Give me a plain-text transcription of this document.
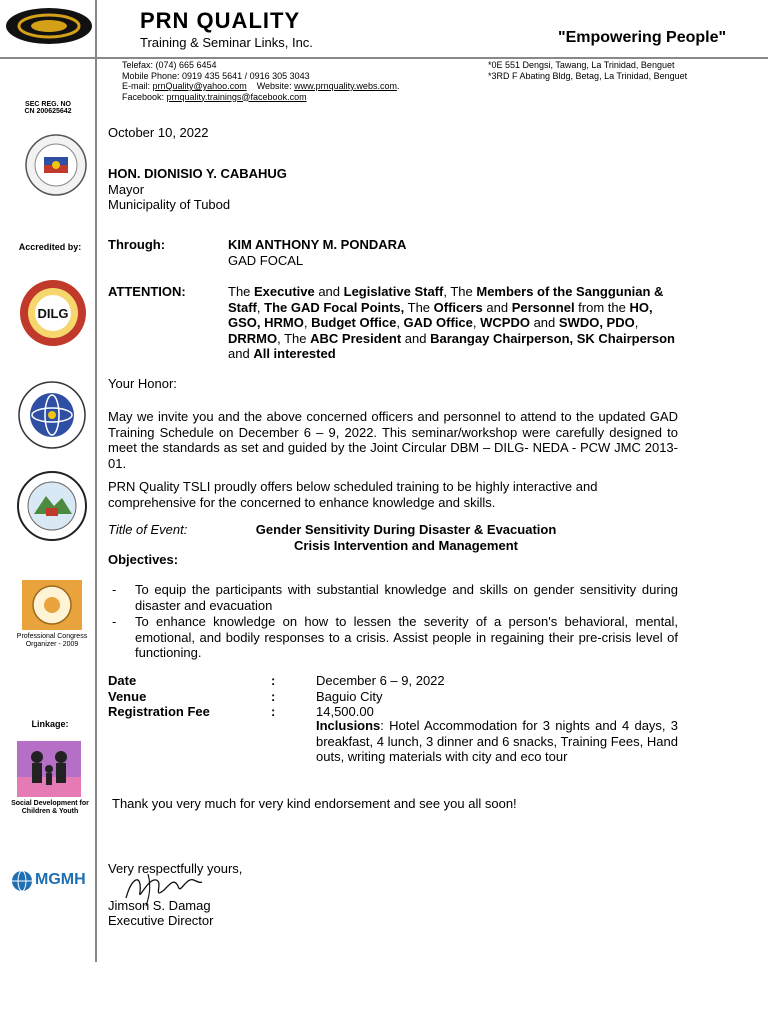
PRN QUALITY
Training & Seminar Links, Inc.	"Empowering People"
Telefax: (074) 665 6454
Mobile Phone: 0919 435 5641 / 0916 305 3043
E-mail: prnQuality@yahoo.com Website: www.prnquality.webs.com.
Facebook: prnquality.trainings@facebook.com
*0E 551 Dengsi, Tawang, La Trinidad, Benguet
*3RD F Abating Bldg, Betag, La Trinidad, Benguet
SEC REG. NO
CN 200625642
Accredited by:
DILG
Professional Congress Organizer - 2009
Linkage:
Social Development for Children & Youth
MGMH
October 10, 2022
HON. DIONISIO Y. CABAHUG
Mayor
Municipality of Tubod
Through:	KIM ANTHONY M. PONDARA
GAD FOCAL
ATTENTION:	The Executive and Legislative Staff, The Members of the Sanggunian & Staff, The GAD Focal Points, The Officers and Personnel from the HO, GSO, HRMO, Budget Office, GAD Office, WCPDO and SWDO, PDO, DRRMO, The ABC President and Barangay Chairperson, SK Chairperson and All interested
Your Honor:
May we invite you and the above concerned officers and personnel to attend to the updated GAD Training Schedule on December 6 – 9, 2022. This seminar/workshop were carefully designed to meet the standards as set and guided by the Joint Circular DBM – DILG- NEDA - PCW JMC 2013-01.
PRN Quality TSLI proudly offers below scheduled training to be highly interactive and comprehensive for the concerned to enhance knowledge and skills.
Title of Event:	Gender Sensitivity During Disaster & Evacuation
Crisis Intervention and Management
Objectives:
- To equip the participants with substantial knowledge and skills on gender sensitivity during disaster and evacuation
- To enhance knowledge on how to lessen the severity of a person's behavioral, mental, emotional, and bodily responses to a crisis. Assist people in regaining their pre-crisis level of functioning.
Date	:	December 6 – 9, 2022
Venue	:	Baguio City
Registration Fee	:	14,500.00
Inclusions: Hotel Accommodation for 3 nights and 4 days, 3 breakfast, 4 lunch, 3 dinner and 6 snacks, Training Fees, Hand outs, writing materials with city and eco tour
Thank you very much for very kind endorsement and see you all soon!
Very respectfully yours,
Jimson S. Damag
Executive Director
